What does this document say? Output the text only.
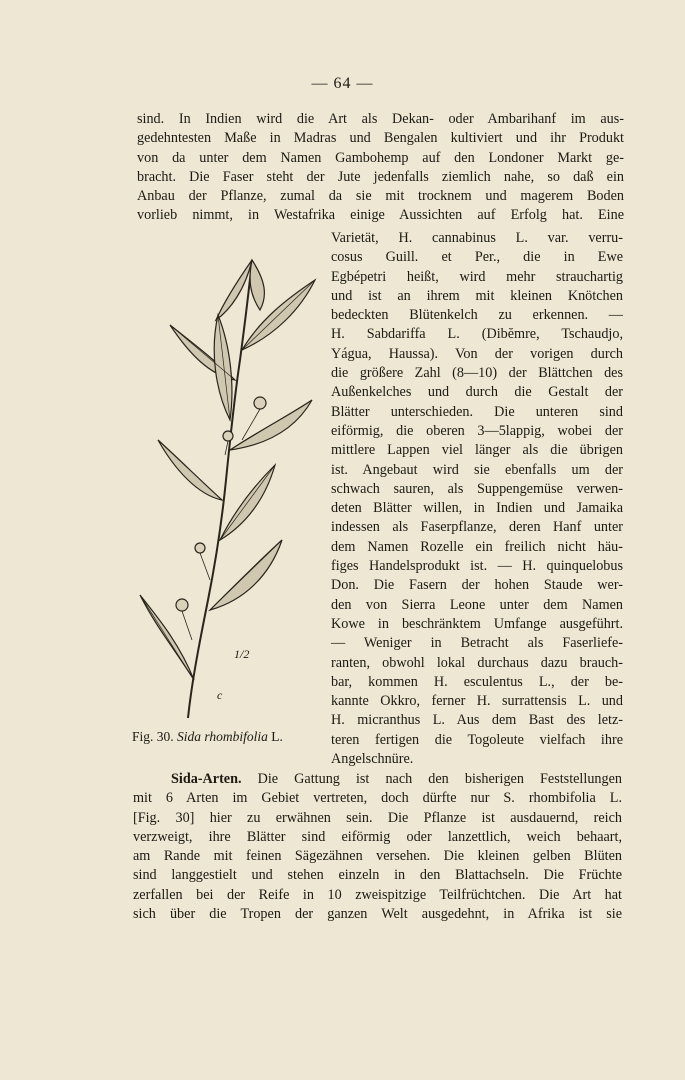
— 64 —

sind. In Indien wird die Art als Dekan- oder Ambarihanf im aus-
gedehntesten Maße in Madras und Bengalen kultiviert und ihr Produkt
von da unter dem Namen Gambohemp auf den Londoner Markt ge-
bracht. Die Faser steht der Jute jedenfalls ziemlich nahe, so daß ein
Anbau der Pflanze, zumal da sie mit trocknem und magerem Boden
vorlieb nimmt, in Westafrika einige Aussichten auf Erfolg hat. Eine

Varietät, H. cannabinus L. var. verru-
cosus Guill. et Per., die in Ewe
Egbépetri heißt, wird mehr strauchartig
und ist an ihrem mit kleinen Knötchen
bedeckten Blütenkelch zu erkennen. —
H. Sabdariffa L. (Dibĕmre, Tschaudjo,
Yágua, Haussa). Von der vorigen durch
die größere Zahl (8—10) der Blättchen des
Außenkelches und durch die Gestalt der
Blätter unterschieden. Die unteren sind
eiförmig, die oberen 3—5lappig, wobei der
mittlere Lappen viel länger als die übrigen
ist. Angebaut wird sie ebenfalls um der
schwach sauren, als Suppengemüse verwen-
deten Blätter willen, in Indien und Jamaika
indessen als Faserpflanze, deren Hanf unter
dem Namen Rozelle ein freilich nicht häu-
figes Handelsprodukt ist. — H. quinquelobus
Don. Die Fasern der hohen Staude wer-
den von Sierra Leone unter dem Namen
Kowe in beschränktem Umfange ausgeführt.
— Weniger in Betracht als Faserliefe-
ranten, obwohl lokal durchaus dazu brauch-
bar, kommen H. esculentus L., der be-
kannte Okkro, ferner H. surrattensis L. und
H. micranthus L. Aus dem Bast des letz-
teren fertigen die Togoleute vielfach ihre
Angelschnüre.

1/2
c
Fig. 30. Sida rhombifolia L.

Sida-Arten. Die Gattung ist nach den bisherigen Feststellungen
mit 6 Arten im Gebiet vertreten, doch dürfte nur S. rhombifolia L.
[Fig. 30] hier zu erwähnen sein. Die Pflanze ist ausdauernd, reich
verzweigt, ihre Blätter sind eiförmig oder lanzettlich, weich behaart,
am Rande mit feinen Sägezähnen versehen. Die kleinen gelben Blüten
sind langgestielt und stehen einzeln in den Blattachseln. Die Früchte
zerfallen bei der Reife in 10 zweispitzige Teilfrüchtchen. Die Art hat
sich über die Tropen der ganzen Welt ausgedehnt, in Afrika ist sie
